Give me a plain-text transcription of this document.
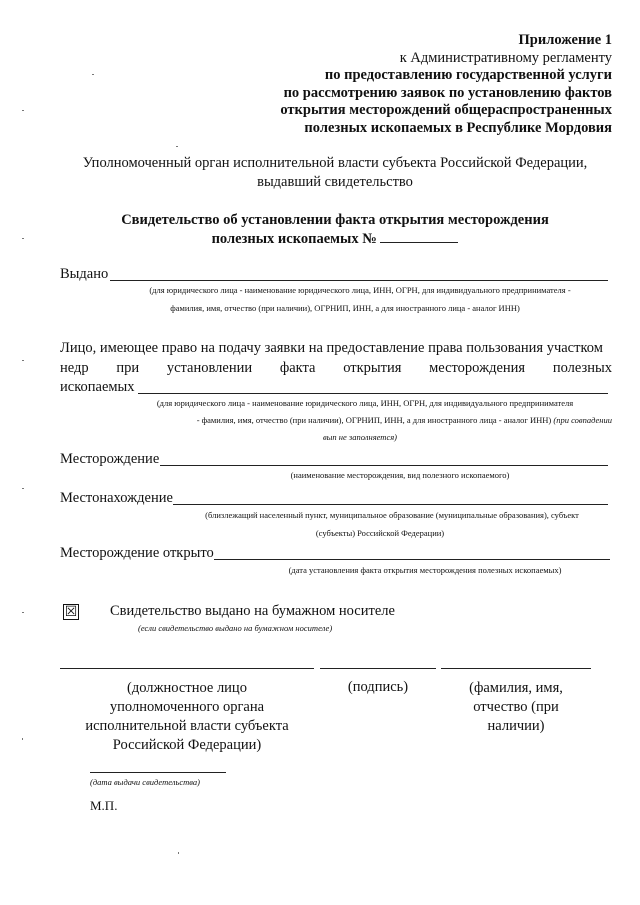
Приложение 1
к Административному регламенту
по предоставлению государственной услуги
по рассмотрению заявок по установлению фактов
открытия месторождений общераспространенных
полезных ископаемых в Республике Мордовия
Уполномоченный орган исполнительной власти субъекта Российской Федерации,
выдавший свидетельство
Свидетельство об установлении факта открытия месторождения
полезных ископаемых №
Выдано
(для юридического лица - наименование юридического лица, ИНН, ОГРН, для индивидуального предпринимателя -
фамилия, имя, отчество (при наличии), ОГРНИП, ИНН, а для иностранного лица - аналог ИНН)
Лицо, имеющее право на подачу заявки на предоставление права пользования участком
недр при установлении факта открытия месторождения полезных
ископаемых
(для юридического лица - наименование юридического лица, ИНН, ОГРН, для индивидуального предпринимателя
- фамилия, имя, отчество (при наличии), ОГРНИП, ИНН, а для иностранного лица - аналог ИНН) (при совпадении
вып не заполняется)
Месторождение
(наименование месторождения, вид полезного ископаемого)
Местонахождение
(близлежащий населенный пункт, муниципальное образование (муниципальные образования), субъект
(субъекты) Российской Федерации)
Месторождение открыто
(дата установления факта открытия месторождения полезных ископаемых)
☒ Свидетельство выдано на бумажном носителе
(если свидетельство выдано на бумажном носителе)
(должностное лицо
уполномоченного органа
исполнительной власти субъекта
Российской Федерации)
(подпись)	(фамилия, имя,
отчество (при
наличии)
(дата выдачи свидетельства)
М.П.
